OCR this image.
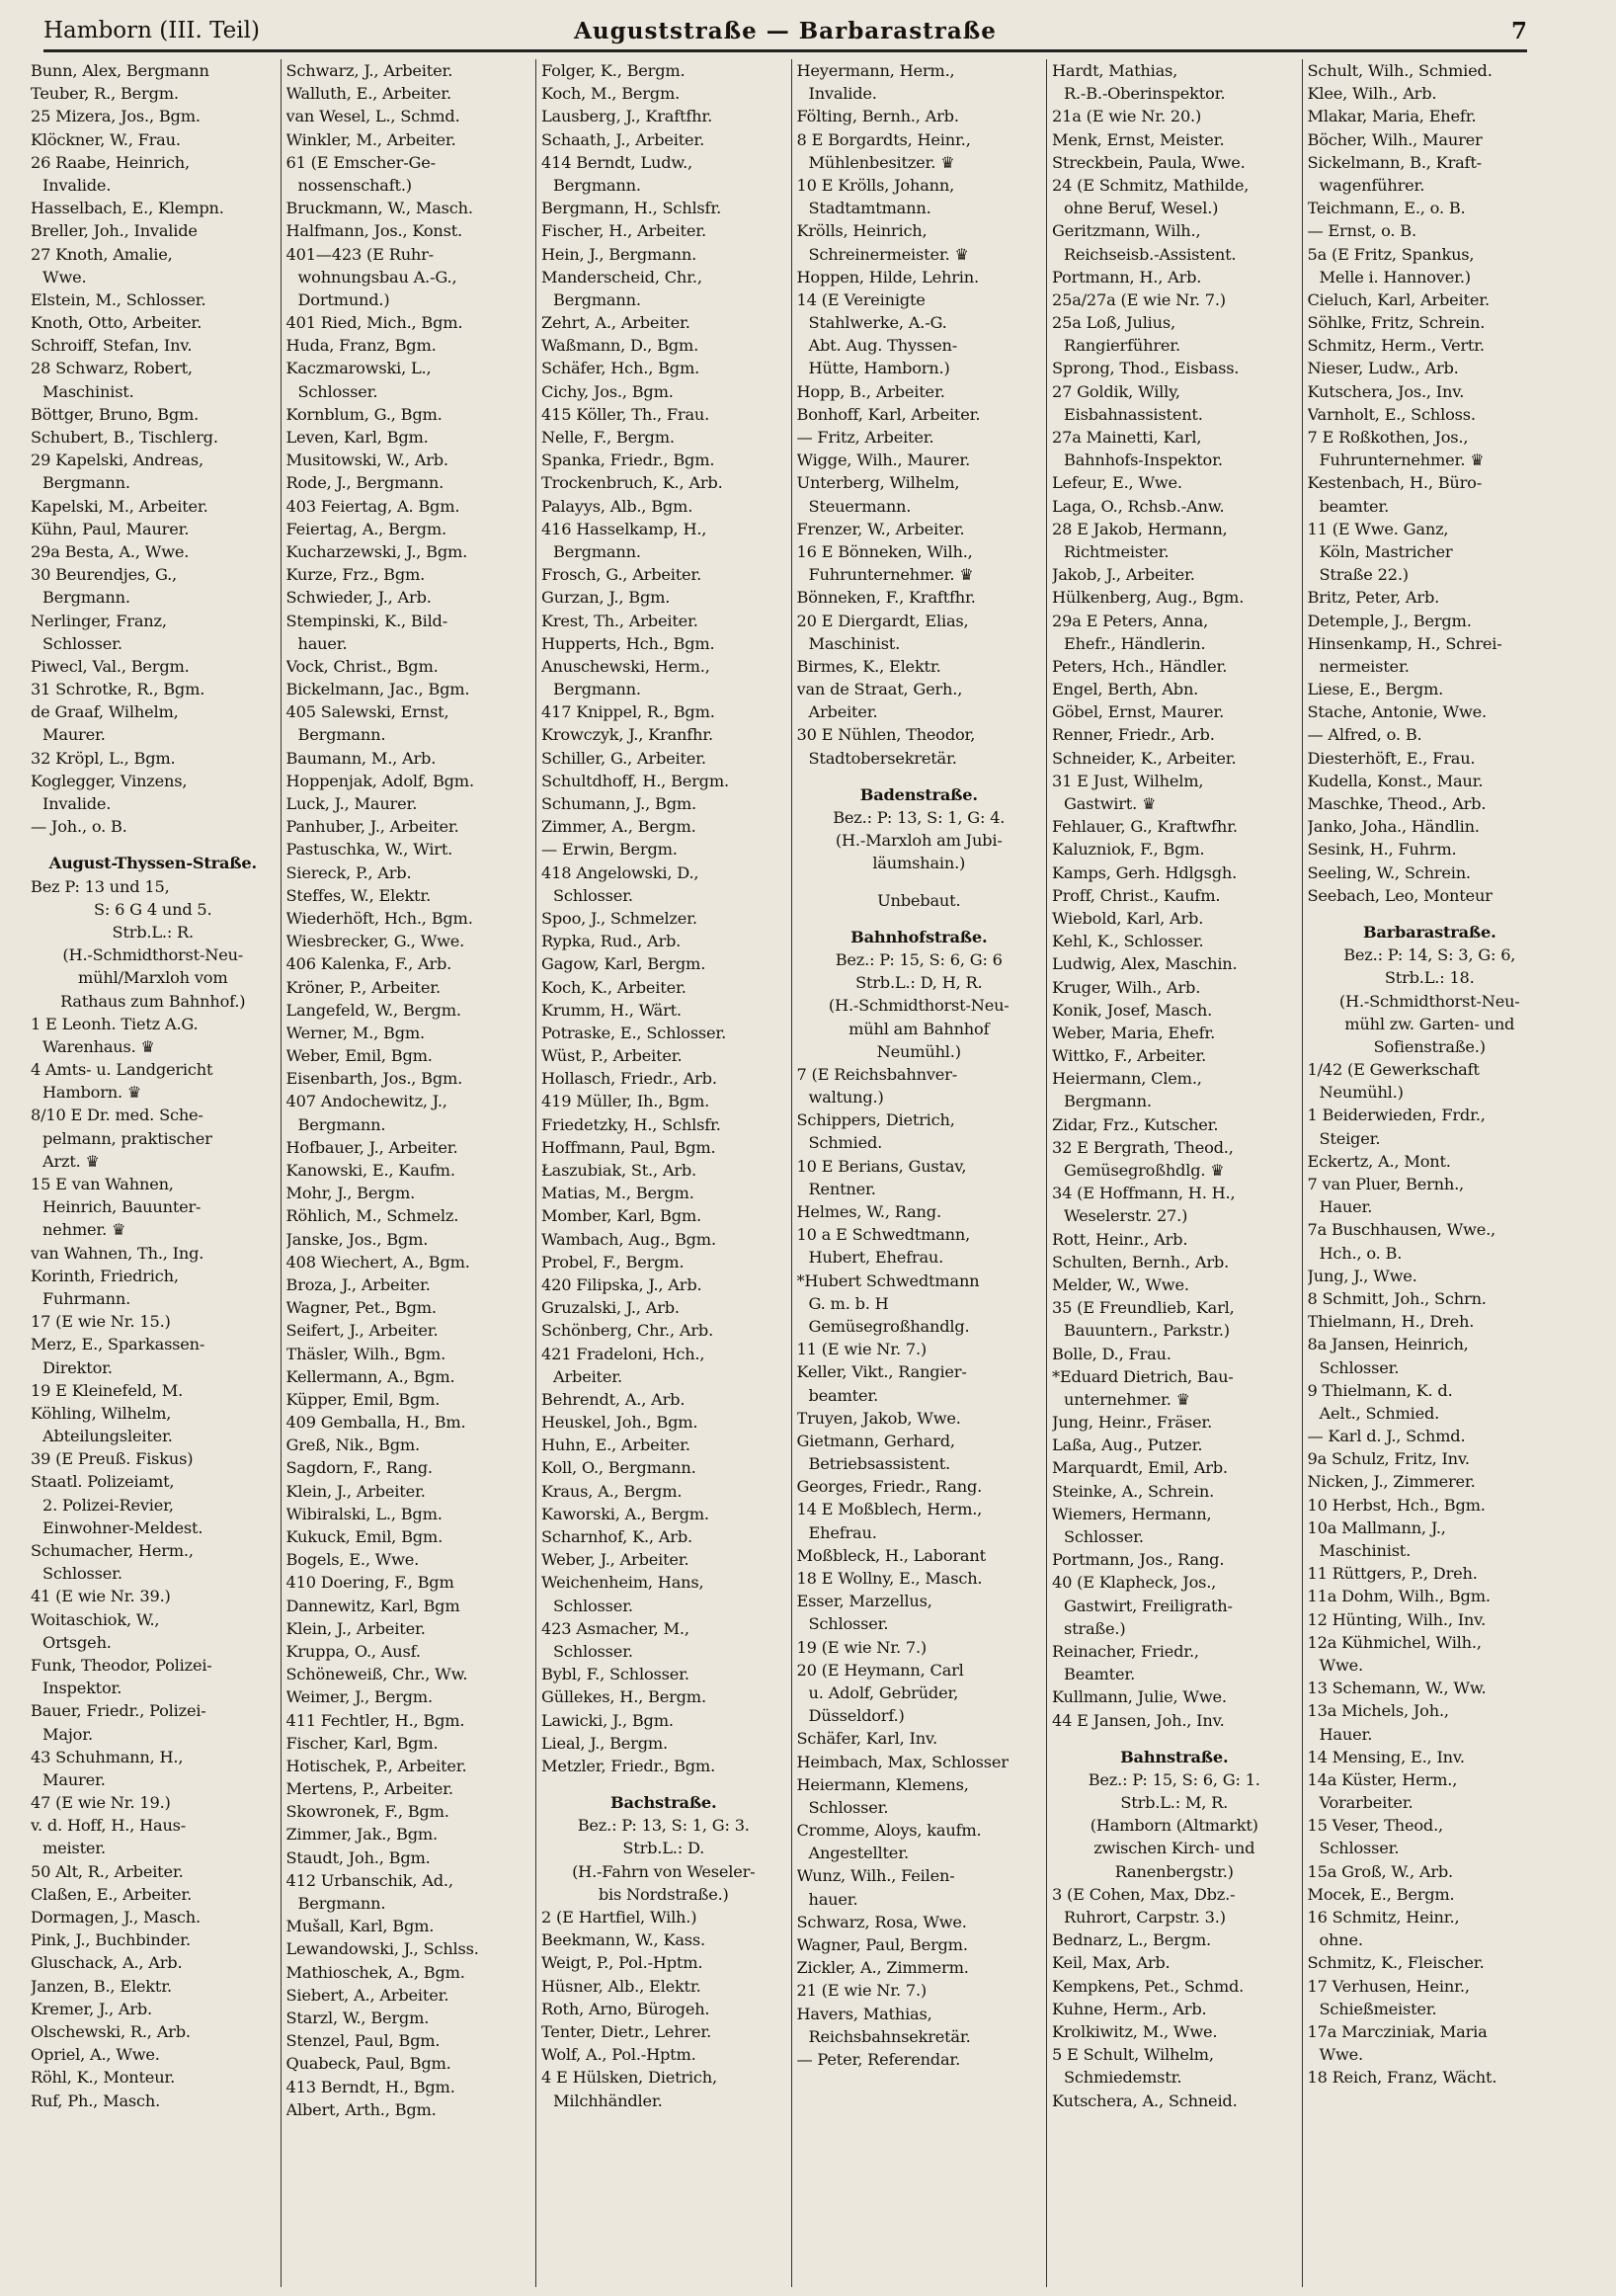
Hamborn (III. Teil)	Auguststraße — Barbarastraße	7
Bunn, Alex, Bergmann
Teuber, R., Bergm.
25 Mizera, Jos., Bgm.
Klöckner, W., Frau.
26 Raabe, Heinrich,
Invalide.
Hasselbach, E., Klempn.
Breller, Joh., Invalide
27 Knoth, Amalie,
Wwe.
Elstein, M., Schlosser.
Knoth, Otto, Arbeiter.
Schroiff, Stefan, Inv.
28 Schwarz, Robert,
Maschinist.
Böttger, Bruno, Bgm.
Schubert, B., Tischlerg.
29 Kapelski, Andreas,
Bergmann.
Kapelski, M., Arbeiter.
Kühn, Paul, Maurer.
29a Besta, A., Wwe.
30 Beurendjes, G.,
Bergmann.
Nerlinger, Franz,
Schlosser.
Piwecl, Val., Bergm.
31 Schrotke, R., Bgm.
de Graaf, Wilhelm,
Maurer.
32 Kröpl, L., Bgm.
Koglegger, Vinzens,
Invalide.
— Joh., o. B.
August-Thyssen-Straße.
Bez P: 13 und 15,
S: 6 G 4 und 5.
Strb.L.: R.
(H.-Schmidthorst-Neu-
mühl/Marxloh vom
Rathaus zum Bahnhof.)
1 E Leonh. Tietz A.G.
Warenhaus. ♛
4 Amts- u. Landgericht
Hamborn. ♛
8/10 E Dr. med. Sche-
pelmann, praktischer
Arzt. ♛
15 E van Wahnen,
Heinrich, Bauunter-
nehmer. ♛
van Wahnen, Th., Ing.
Korinth, Friedrich,
Fuhrmann.
17 (E wie Nr. 15.)
Merz, E., Sparkassen-
Direktor.
19 E Kleinefeld, M.
Köhling, Wilhelm,
Abteilungsleiter.
39 (E Preuß. Fiskus)
Staatl. Polizeiamt,
2. Polizei-Revier,
Einwohner-Meldest.
Schumacher, Herm.,
Schlosser.
41 (E wie Nr. 39.)
Woitaschiok, W.,
Ortsgeh.
Funk, Theodor, Polizei-
Inspektor.
Bauer, Friedr., Polizei-
Major.
43 Schuhmann, H.,
Maurer.
47 (E wie Nr. 19.)
v. d. Hoff, H., Haus-
meister.
50 Alt, R., Arbeiter.
Claßen, E., Arbeiter.
Dormagen, J., Masch.
Pink, J., Buchbinder.
Gluschack, A., Arb.
Janzen, B., Elektr.
Kremer, J., Arb.
Olschewski, R., Arb.
Opriel, A., Wwe.
Röhl, K., Monteur.
Ruf, Ph., Masch.
Schwarz, J., Arbeiter.
Walluth, E., Arbeiter.
van Wesel, L., Schmd.
Winkler, M., Arbeiter.
61 (E Emscher-Ge-
nossenschaft.)
Bruckmann, W., Masch.
Halfmann, Jos., Konst.
401—423 (E Ruhr-
wohnungsbau A.-G.,
Dortmund.)
401 Ried, Mich., Bgm.
Huda, Franz, Bgm.
Kaczmarowski, L.,
Schlosser.
Kornblum, G., Bgm.
Leven, Karl, Bgm.
Musitowski, W., Arb.
Rode, J., Bergmann.
403 Feiertag, A. Bgm.
Feiertag, A., Bergm.
Kucharzewski, J., Bgm.
Kurze, Frz., Bgm.
Schwieder, J., Arb.
Stempinski, K., Bild-
hauer.
Vock, Christ., Bgm.
Bickelmann, Jac., Bgm.
405 Salewski, Ernst,
Bergmann.
Baumann, M., Arb.
Hoppenjak, Adolf, Bgm.
Luck, J., Maurer.
Panhuber, J., Arbeiter.
Pastuschka, W., Wirt.
Siereck, P., Arb.
Steffes, W., Elektr.
Wiederhöft, Hch., Bgm.
Wiesbrecker, G., Wwe.
406 Kalenka, F., Arb.
Kröner, P., Arbeiter.
Langefeld, W., Bergm.
Werner, M., Bgm.
Weber, Emil, Bgm.
Eisenbarth, Jos., Bgm.
407 Andochewitz, J.,
Bergmann.
Hofbauer, J., Arbeiter.
Kanowski, E., Kaufm.
Mohr, J., Bergm.
Röhlich, M., Schmelz.
Janske, Jos., Bgm.
408 Wiechert, A., Bgm.
Broza, J., Arbeiter.
Wagner, Pet., Bgm.
Seifert, J., Arbeiter.
Thäsler, Wilh., Bgm.
Kellermann, A., Bgm.
Küpper, Emil, Bgm.
409 Gemballa, H., Bm.
Greß, Nik., Bgm.
Sagdorn, F., Rang.
Klein, J., Arbeiter.
Wibiralski, L., Bgm.
Kukuck, Emil, Bgm.
Bogels, E., Wwe.
410 Doering, F., Bgm
Dannewitz, Karl, Bgm
Klein, J., Arbeiter.
Kruppa, O., Ausf.
Schöneweiß, Chr., Ww.
Weimer, J., Bergm.
411 Fechtler, H., Bgm.
Fischer, Karl, Bgm.
Hotischek, P., Arbeiter.
Mertens, P., Arbeiter.
Skowronek, F., Bgm.
Zimmer, Jak., Bgm.
Staudt, Joh., Bgm.
412 Urbanschik, Ad.,
Bergmann.
Mušall, Karl, Bgm.
Lewandowski, J., Schlss.
Mathioschek, A., Bgm.
Siebert, A., Arbeiter.
Starzl, W., Bergm.
Stenzel, Paul, Bgm.
Quabeck, Paul, Bgm.
413 Berndt, H., Bgm.
Albert, Arth., Bgm.
Folger, K., Bergm.
Koch, M., Bergm.
Lausberg, J., Kraftfhr.
Schaath, J., Arbeiter.
414 Berndt, Ludw.,
Bergmann.
Bergmann, H., Schlsfr.
Fischer, H., Arbeiter.
Hein, J., Bergmann.
Manderscheid, Chr.,
Bergmann.
Zehrt, A., Arbeiter.
Waßmann, D., Bgm.
Schäfer, Hch., Bgm.
Cichy, Jos., Bgm.
415 Köller, Th., Frau.
Nelle, F., Bergm.
Spanka, Friedr., Bgm.
Trockenbruch, K., Arb.
Palayys, Alb., Bgm.
416 Hasselkamp, H.,
Bergmann.
Frosch, G., Arbeiter.
Gurzan, J., Bgm.
Krest, Th., Arbeiter.
Hupperts, Hch., Bgm.
Anuschewski, Herm.,
Bergmann.
417 Knippel, R., Bgm.
Krowczyk, J., Kranfhr.
Schiller, G., Arbeiter.
Schultdhoff, H., Bergm.
Schumann, J., Bgm.
Zimmer, A., Bergm.
— Erwin, Bergm.
418 Angelowski, D.,
Schlosser.
Spoo, J., Schmelzer.
Rypka, Rud., Arb.
Gagow, Karl, Bergm.
Koch, K., Arbeiter.
Krumm, H., Wärt.
Potraske, E., Schlosser.
Wüst, P., Arbeiter.
Hollasch, Friedr., Arb.
419 Müller, Ih., Bgm.
Friedetzky, H., Schlsfr.
Hoffmann, Paul, Bgm.
Łaszubiak, St., Arb.
Matias, M., Bergm.
Momber, Karl, Bgm.
Wambach, Aug., Bgm.
Probel, F., Bergm.
420 Filipska, J., Arb.
Gruzalski, J., Arb.
Schönberg, Chr., Arb.
421 Fradeloni, Hch.,
Arbeiter.
Behrendt, A., Arb.
Heuskel, Joh., Bgm.
Huhn, E., Arbeiter.
Koll, O., Bergmann.
Kraus, A., Bergm.
Kaworski, A., Bergm.
Scharnhof, K., Arb.
Weber, J., Arbeiter.
Weichenheim, Hans,
Schlosser.
423 Asmacher, M.,
Schlosser.
Bybl, F., Schlosser.
Güllekes, H., Bergm.
Lawicki, J., Bgm.
Lieal, J., Bergm.
Metzler, Friedr., Bgm.
Bachstraße.
Bez.: P: 13, S: 1, G: 3.
Strb.L.: D.
(H.-Fahrn von Weseler-
bis Nordstraße.)
2 (E Hartfiel, Wilh.)
Beekmann, W., Kass.
Weigt, P., Pol.-Hptm.
Hüsner, Alb., Elektr.
Roth, Arno, Bürogeh.
Tenter, Dietr., Lehrer.
Wolf, A., Pol.-Hptm.
4 E Hülsken, Dietrich,
Milchhändler.
Heyermann, Herm.,
Invalide.
Fölting, Bernh., Arb.
8 E Borgardts, Heinr.,
Mühlenbesitzer. ♛
10 E Krölls, Johann,
Stadtamtmann.
Krölls, Heinrich,
Schreinermeister. ♛
Hoppen, Hilde, Lehrin.
14 (E Vereinigte
Stahlwerke, A.-G.
Abt. Aug. Thyssen-
Hütte, Hamborn.)
Hopp, B., Arbeiter.
Bonhoff, Karl, Arbeiter.
— Fritz, Arbeiter.
Wigge, Wilh., Maurer.
Unterberg, Wilhelm,
Steuermann.
Frenzer, W., Arbeiter.
16 E Bönneken, Wilh.,
Fuhrunternehmer. ♛
Bönneken, F., Kraftfhr.
20 E Diergardt, Elias,
Maschinist.
Birmes, K., Elektr.
van de Straat, Gerh.,
Arbeiter.
30 E Nühlen, Theodor,
Stadtobersekretär.
Badenstraße.
Bez.: P: 13, S: 1, G: 4.
(H.-Marxloh am Jubi-
läumshain.)
Unbebaut.
Bahnhofstraße.
Bez.: P: 15, S: 6, G: 6
Strb.L.: D, H, R.
(H.-Schmidthorst-Neu-
mühl am Bahnhof
Neumühl.)
7 (E Reichsbahnver-
waltung.)
Schippers, Dietrich,
Schmied.
10 E Berians, Gustav,
Rentner.
Helmes, W., Rang.
10 a E Schwedtmann,
Hubert, Ehefrau.
*Hubert Schwedtmann
G. m. b. H
Gemüsegroßhandlg.
11 (E wie Nr. 7.)
Keller, Vikt., Rangier-
beamter.
Truyen, Jakob, Wwe.
Gietmann, Gerhard,
Betriebsassistent.
Georges, Friedr., Rang.
14 E Moßblech, Herm.,
Ehefrau.
Moßbleck, H., Laborant
18 E Wollny, E., Masch.
Esser, Marzellus,
Schlosser.
19 (E wie Nr. 7.)
20 (E Heymann, Carl
u. Adolf, Gebrüder,
Düsseldorf.)
Schäfer, Karl, Inv.
Heimbach, Max, Schlosser
Heiermann, Klemens,
Schlosser.
Cromme, Aloys, kaufm.
Angestellter.
Wunz, Wilh., Feilen-
hauer.
Schwarz, Rosa, Wwe.
Wagner, Paul, Bergm.
Zickler, A., Zimmerm.
21 (E wie Nr. 7.)
Havers, Mathias,
Reichsbahnsekretär.
— Peter, Referendar.
Hardt, Mathias,
R.-B.-Oberinspektor.
21a (E wie Nr. 20.)
Menk, Ernst, Meister.
Streckbein, Paula, Wwe.
24 (E Schmitz, Mathilde,
ohne Beruf, Wesel.)
Geritzmann, Wilh.,
Reichseisb.-Assistent.
Portmann, H., Arb.
25a/27a (E wie Nr. 7.)
25a Loß, Julius,
Rangierführer.
Sprong, Thod., Eisbass.
27 Goldik, Willy,
Eisbahnassistent.
27a Mainetti, Karl,
Bahnhofs-Inspektor.
Lefeur, E., Wwe.
Laga, O., Rchsb.-Anw.
28 E Jakob, Hermann,
Richtmeister.
Jakob, J., Arbeiter.
Hülkenberg, Aug., Bgm.
29a E Peters, Anna,
Ehefr., Händlerin.
Peters, Hch., Händler.
Engel, Berth, Abn.
Göbel, Ernst, Maurer.
Renner, Friedr., Arb.
Schneider, K., Arbeiter.
31 E Just, Wilhelm,
Gastwirt. ♛
Fehlauer, G., Kraftwfhr.
Kaluzniok, F., Bgm.
Kamps, Gerh. Hdlgsgh.
Proff, Christ., Kaufm.
Wiebold, Karl, Arb.
Kehl, K., Schlosser.
Ludwig, Alex, Maschin.
Kruger, Wilh., Arb.
Konik, Josef, Masch.
Weber, Maria, Ehefr.
Wittko, F., Arbeiter.
Heiermann, Clem.,
Bergmann.
Zidar, Frz., Kutscher.
32 E Bergrath, Theod.,
Gemüsegroßhdlg. ♛
34 (E Hoffmann, H. H.,
Weselerstr. 27.)
Rott, Heinr., Arb.
Schulten, Bernh., Arb.
Melder, W., Wwe.
35 (E Freundlieb, Karl,
Bauuntern., Parkstr.)
Bolle, D., Frau.
*Eduard Dietrich, Bau-
unternehmer. ♛
Jung, Heinr., Fräser.
Laßa, Aug., Putzer.
Marquardt, Emil, Arb.
Steinke, A., Schrein.
Wiemers, Hermann,
Schlosser.
Portmann, Jos., Rang.
40 (E Klapheck, Jos.,
Gastwirt, Freiligrath-
straße.)
Reinacher, Friedr.,
Beamter.
Kullmann, Julie, Wwe.
44 E Jansen, Joh., Inv.
Bahnstraße.
Bez.: P: 15, S: 6, G: 1.
Strb.L.: M, R.
(Hamborn (Altmarkt)
zwischen Kirch- und
Ranenbergstr.)
3 (E Cohen, Max, Dbz.-
Ruhrort, Carpstr. 3.)
Bednarz, L., Bergm.
Keil, Max, Arb.
Kempkens, Pet., Schmd.
Kuhne, Herm., Arb.
Krolkiwitz, M., Wwe.
5 E Schult, Wilhelm,
Schmiedemstr.
Kutschera, A., Schneid.
Schult, Wilh., Schmied.
Klee, Wilh., Arb.
Mlakar, Maria, Ehefr.
Böcher, Wilh., Maurer
Sickelmann, B., Kraft-
wagenführer.
Teichmann, E., o. B.
— Ernst, o. B.
5a (E Fritz, Spankus,
Melle i. Hannover.)
Cieluch, Karl, Arbeiter.
Söhlke, Fritz, Schrein.
Schmitz, Herm., Vertr.
Nieser, Ludw., Arb.
Kutschera, Jos., Inv.
Varnholt, E., Schloss.
7 E Roßkothen, Jos.,
Fuhrunternehmer. ♛
Kestenbach, H., Büro-
beamter.
11 (E Wwe. Ganz,
Köln, Mastricher
Straße 22.)
Britz, Peter, Arb.
Detemple, J., Bergm.
Hinsenkamp, H., Schrei-
nermeister.
Liese, E., Bergm.
Stache, Antonie, Wwe.
— Alfred, o. B.
Diesterhöft, E., Frau.
Kudella, Konst., Maur.
Maschke, Theod., Arb.
Janko, Joha., Händlin.
Sesink, H., Fuhrm.
Seeling, W., Schrein.
Seebach, Leo, Monteur
Barbarastraße.
Bez.: P: 14, S: 3, G: 6,
Strb.L.: 18.
(H.-Schmidthorst-Neu-
mühl zw. Garten- und
Sofienstraße.)
1/42 (E Gewerkschaft
Neumühl.)
1 Beiderwieden, Frdr.,
Steiger.
Eckertz, A., Mont.
7 van Pluer, Bernh.,
Hauer.
7a Buschhausen, Wwe.,
Hch., o. B.
Jung, J., Wwe.
8 Schmitt, Joh., Schrn.
Thielmann, H., Dreh.
8a Jansen, Heinrich,
Schlosser.
9 Thielmann, K. d.
Aelt., Schmied.
— Karl d. J., Schmd.
9a Schulz, Fritz, Inv.
Nicken, J., Zimmerer.
10 Herbst, Hch., Bgm.
10a Mallmann, J.,
Maschinist.
11 Rüttgers, P., Dreh.
11a Dohm, Wilh., Bgm.
12 Hünting, Wilh., Inv.
12a Kühmichel, Wilh.,
Wwe.
13 Schemann, W., Ww.
13a Michels, Joh.,
Hauer.
14 Mensing, E., Inv.
14a Küster, Herm.,
Vorarbeiter.
15 Veser, Theod.,
Schlosser.
15a Groß, W., Arb.
Mocek, E., Bergm.
16 Schmitz, Heinr.,
ohne.
Schmitz, K., Fleischer.
17 Verhusen, Heinr.,
Schießmeister.
17a Marcziniak, Maria
Wwe.
18 Reich, Franz, Wächt.
